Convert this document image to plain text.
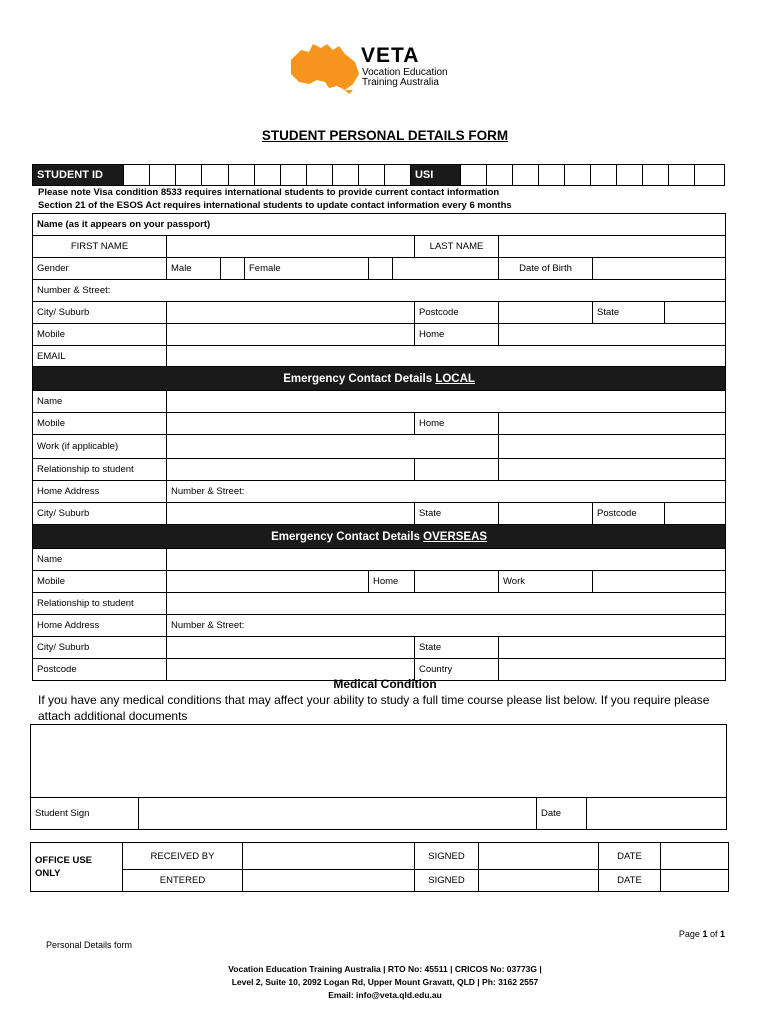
VETA
Vocation Education
Training Australia
STUDENT PERSONAL DETAILS FORM
STUDENT ID												USI										
Please note Visa condition 8533 requires international students to provide current contact information
Section 21 of the ESOS Act requires international students to update contact information every 6 months
Name (as it appears on your passport)									
FIRST NAME						LAST NAME			
Gender	Male		Female				Date of Birth		
Number & Street:									
City/ Suburb						Postcode		State	
Mobile						Home			
EMAIL									
Emergency Contact Details LOCAL									
Name									
Mobile						Home			
Work (if applicable)									
Relationship to student									
Home Address	Number & Street:								
City/ Suburb						State		Postcode	
Emergency Contact Details OVERSEAS									
Name									
Mobile				Home			Work		
Relationship to student									
Home Address	Number & Street:								
City/ Suburb						State			
Postcode						Country			
Medical Condition
If you have any medical conditions that may affect your ability to study a full time course please list below. If you require please attach additional documents

Student Sign		Date	
OFFICE USE ONLY	RECEIVED BY		SIGNED		DATE	
	ENTERED		SIGNED		DATE	
Page 1 of 1
Personal Details form
Vocation Education Training Australia | RTO No: 45511 | CRICOS No: 03773G |
Level 2, Suite 10, 2092 Logan Rd, Upper Mount Gravatt, QLD | Ph: 3162 2557
Email: info@veta.qld.edu.au
